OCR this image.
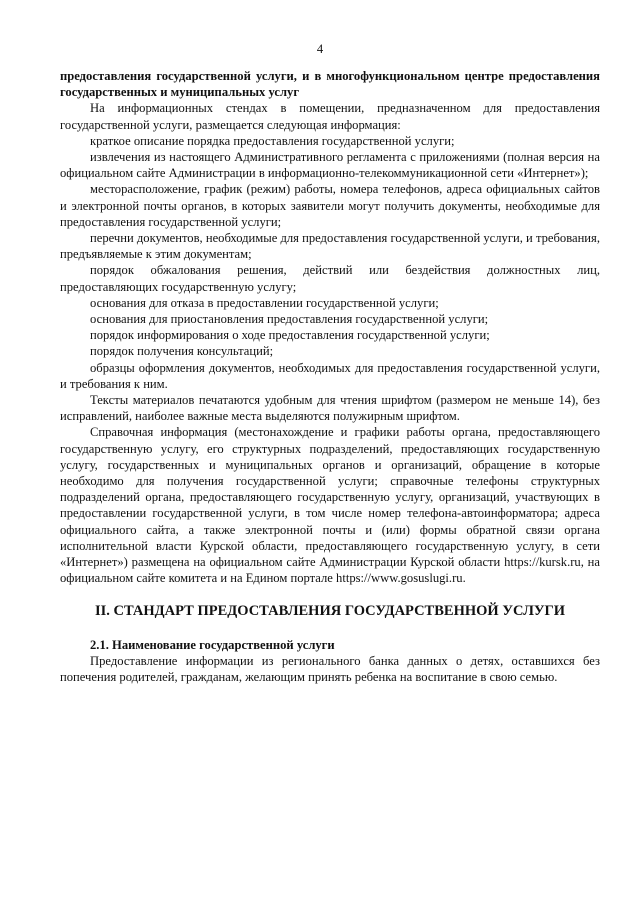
4

предоставления государственной услуги, и в многофункциональном центре предоставления государственных и муниципальных услуг

На информационных стендах в помещении, предназначенном для предоставления государственной услуги, размещается следующая информация:

краткое описание порядка предоставления государственной услуги;

извлечения из настоящего Административного регламента с приложениями (полная версия на официальном сайте Администрации в информационно-телекоммуникационной сети «Интернет»);

месторасположение, график (режим) работы, номера телефонов, адреса официальных сайтов и электронной почты органов, в которых заявители могут получить документы, необходимые для предоставления государственной услуги;

перечни документов, необходимые для предоставления государственной услуги, и требования, предъявляемые к этим документам;

порядок обжалования решения, действий или бездействия должностных лиц, предоставляющих государственную услугу;

основания для отказа в предоставлении государственной услуги;

основания для приостановления предоставления государственной услуги;

порядок информирования о ходе предоставления государственной услуги;

порядок получения консультаций;

образцы оформления документов, необходимых для предоставления государственной услуги, и требования к ним.

Тексты материалов печатаются удобным для чтения шрифтом (размером не меньше 14), без исправлений, наиболее важные места выделяются полужирным шрифтом.

Справочная информация (местонахождение и графики работы органа, предоставляющего государственную услугу, его структурных подразделений, предоставляющих государственную услугу, государственных и муниципальных органов и организаций, обращение в которые необходимо для получения государственной услуги; справочные телефоны структурных подразделений органа, предоставляющего государственную услугу, организаций, участвующих в предоставлении государственной услуги, в том числе номер телефона-автоинформатора; адреса официального сайта, а также электронной почты и (или) формы обратной связи органа исполнительной власти Курской области, предоставляющего государственную услугу, в сети «Интернет») размещена на официальном сайте Администрации Курской области https://kursk.ru, на официальном сайте комитета и на Едином портале https://www.gosuslugi.ru.

II. СТАНДАРТ ПРЕДОСТАВЛЕНИЯ ГОСУДАРСТВЕННОЙ УСЛУГИ

2.1. Наименование государственной услуги

Предоставление информации из регионального банка данных о детях, оставшихся без попечения родителей, гражданам, желающим принять ребенка на воспитание в свою семью.
